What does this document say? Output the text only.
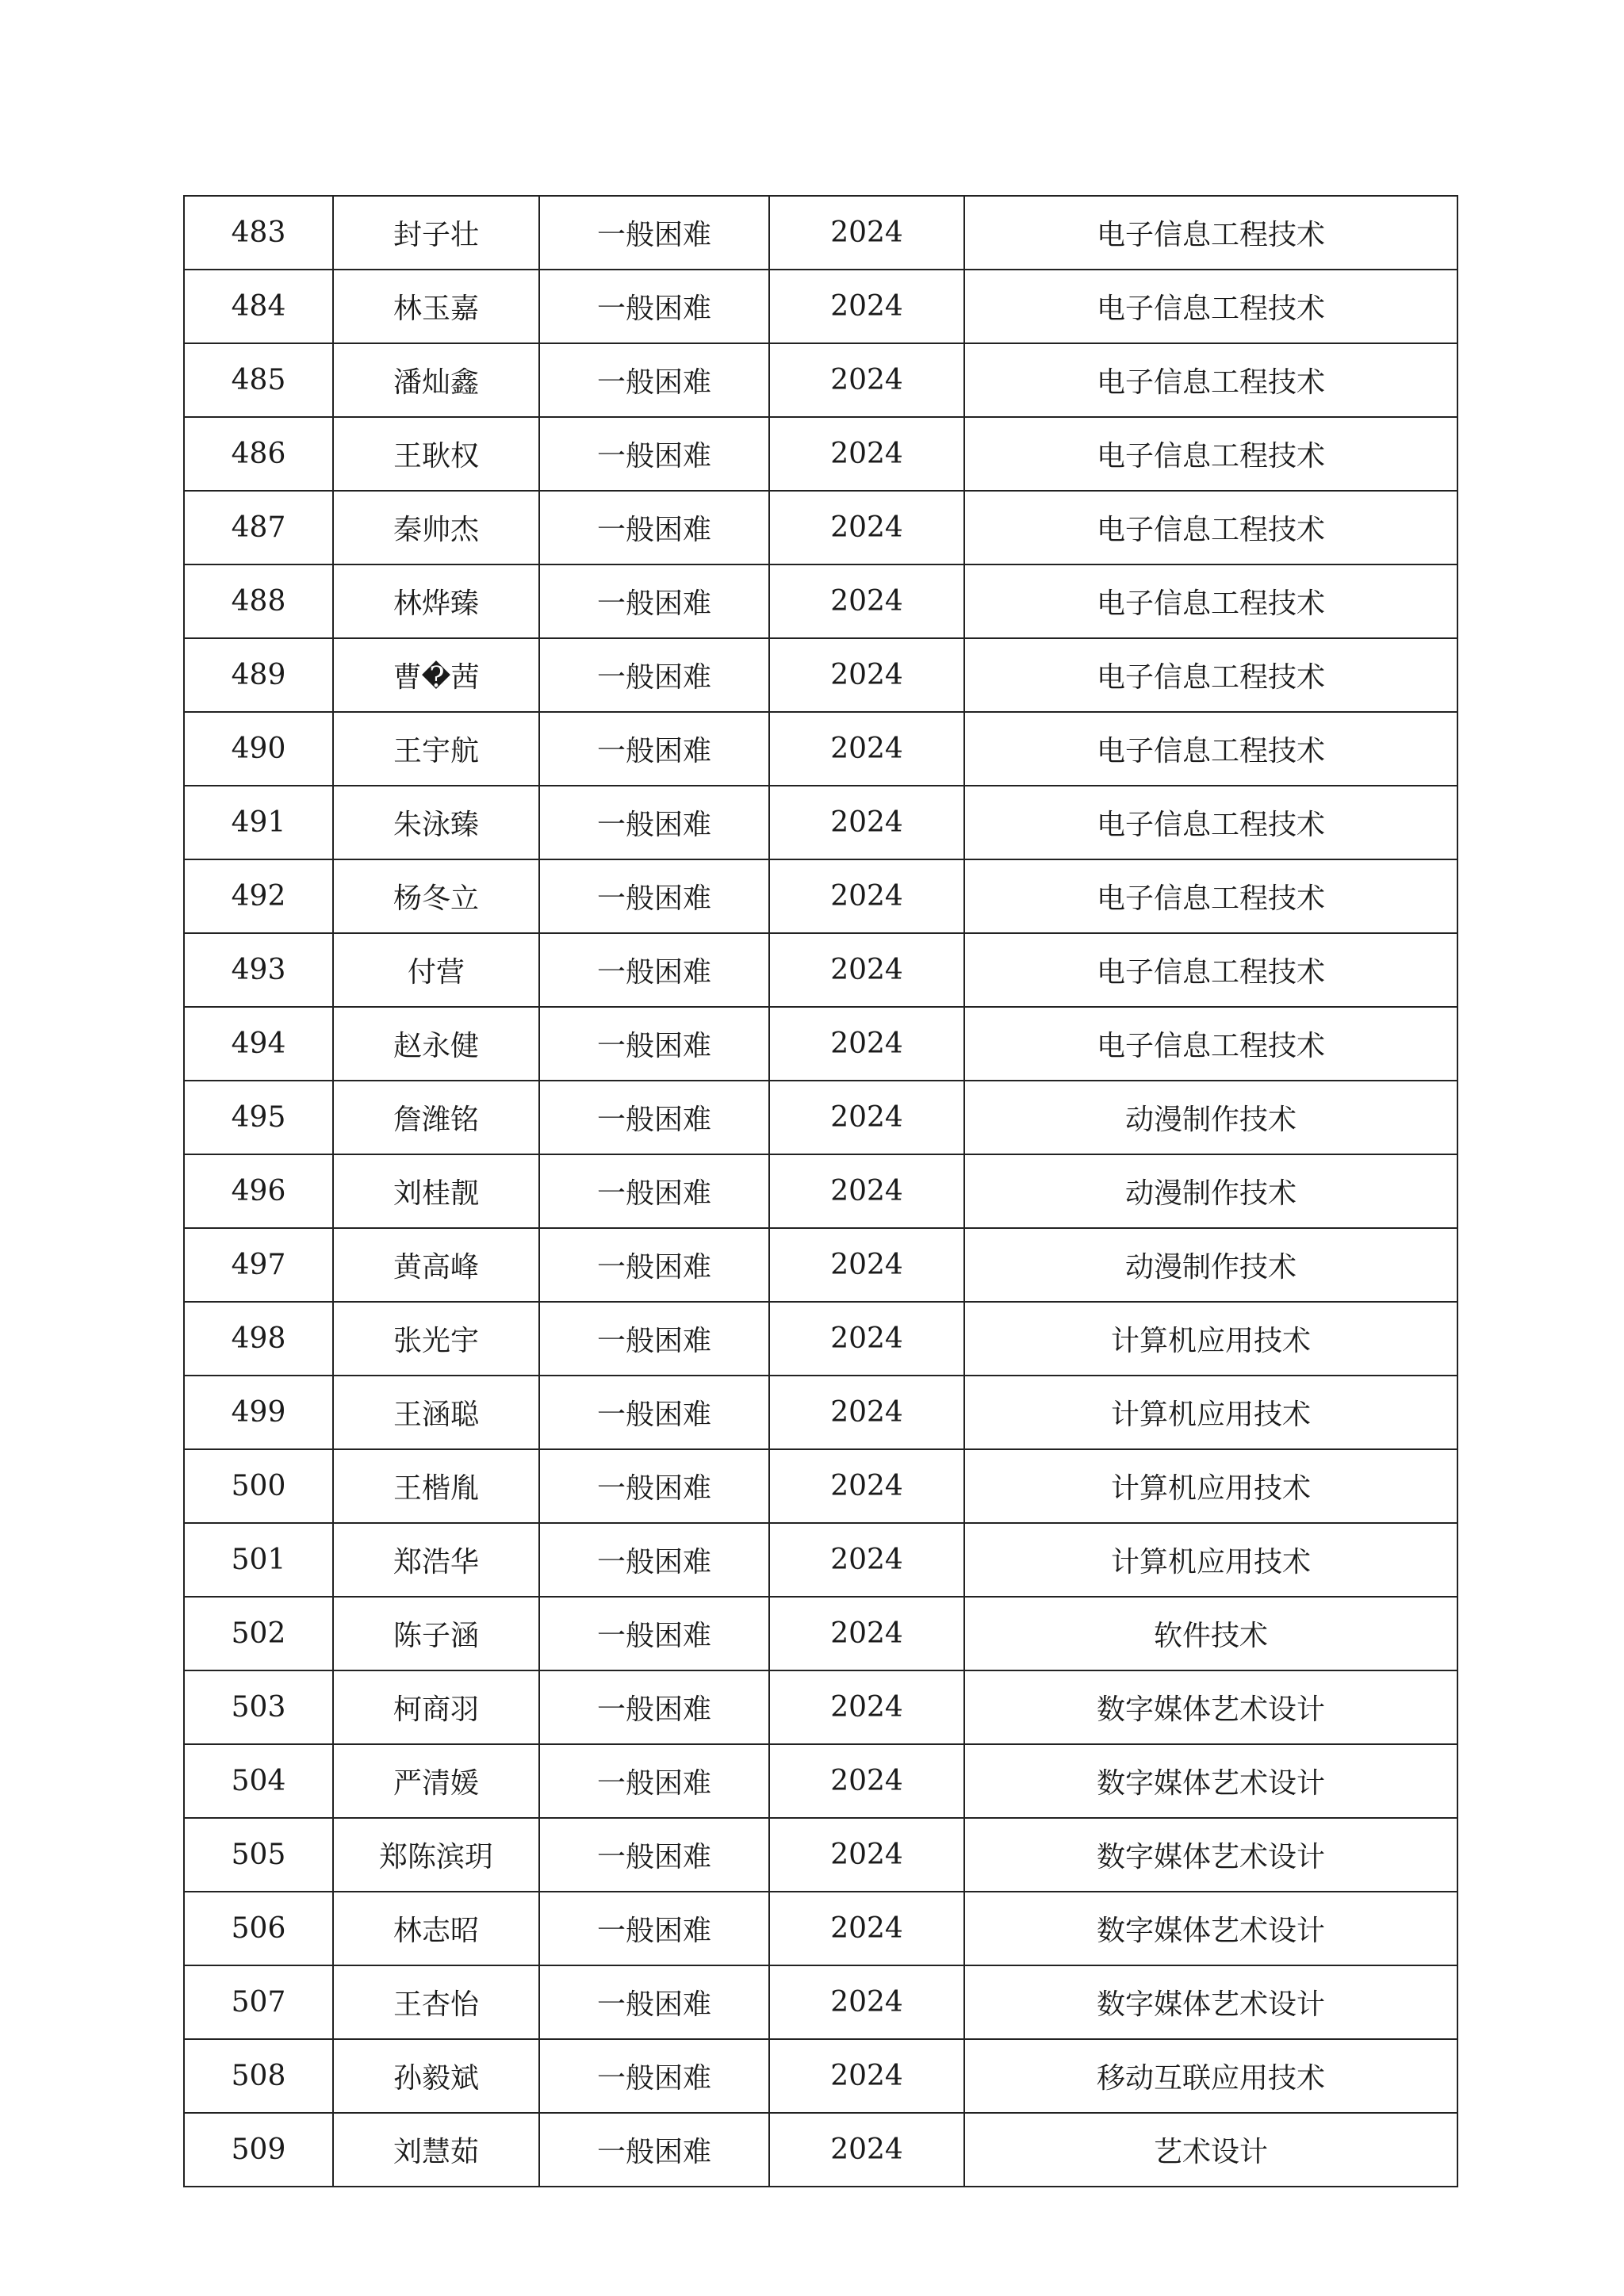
483	封子壮	一般困难	2024	电子信息工程技术
484	林玉嘉	一般困难	2024	电子信息工程技术
485	潘灿鑫	一般困难	2024	电子信息工程技术
486	王耿权	一般困难	2024	电子信息工程技术
487	秦帅杰	一般困难	2024	电子信息工程技术
488	林烨臻	一般困难	2024	电子信息工程技术
489	曹�茜	一般困难	2024	电子信息工程技术
490	王宇航	一般困难	2024	电子信息工程技术
491	朱泳臻	一般困难	2024	电子信息工程技术
492	杨冬立	一般困难	2024	电子信息工程技术
493	付营	一般困难	2024	电子信息工程技术
494	赵永健	一般困难	2024	电子信息工程技术
495	詹潍铭	一般困难	2024	动漫制作技术
496	刘桂靓	一般困难	2024	动漫制作技术
497	黄高峰	一般困难	2024	动漫制作技术
498	张光宇	一般困难	2024	计算机应用技术
499	王涵聪	一般困难	2024	计算机应用技术
500	王楷胤	一般困难	2024	计算机应用技术
501	郑浩华	一般困难	2024	计算机应用技术
502	陈子涵	一般困难	2024	软件技术
503	柯商羽	一般困难	2024	数字媒体艺术设计
504	严清媛	一般困难	2024	数字媒体艺术设计
505	郑陈滨玥	一般困难	2024	数字媒体艺术设计
506	林志昭	一般困难	2024	数字媒体艺术设计
507	王杏怡	一般困难	2024	数字媒体艺术设计
508	孙毅斌	一般困难	2024	移动互联应用技术
509	刘慧茹	一般困难	2024	艺术设计
